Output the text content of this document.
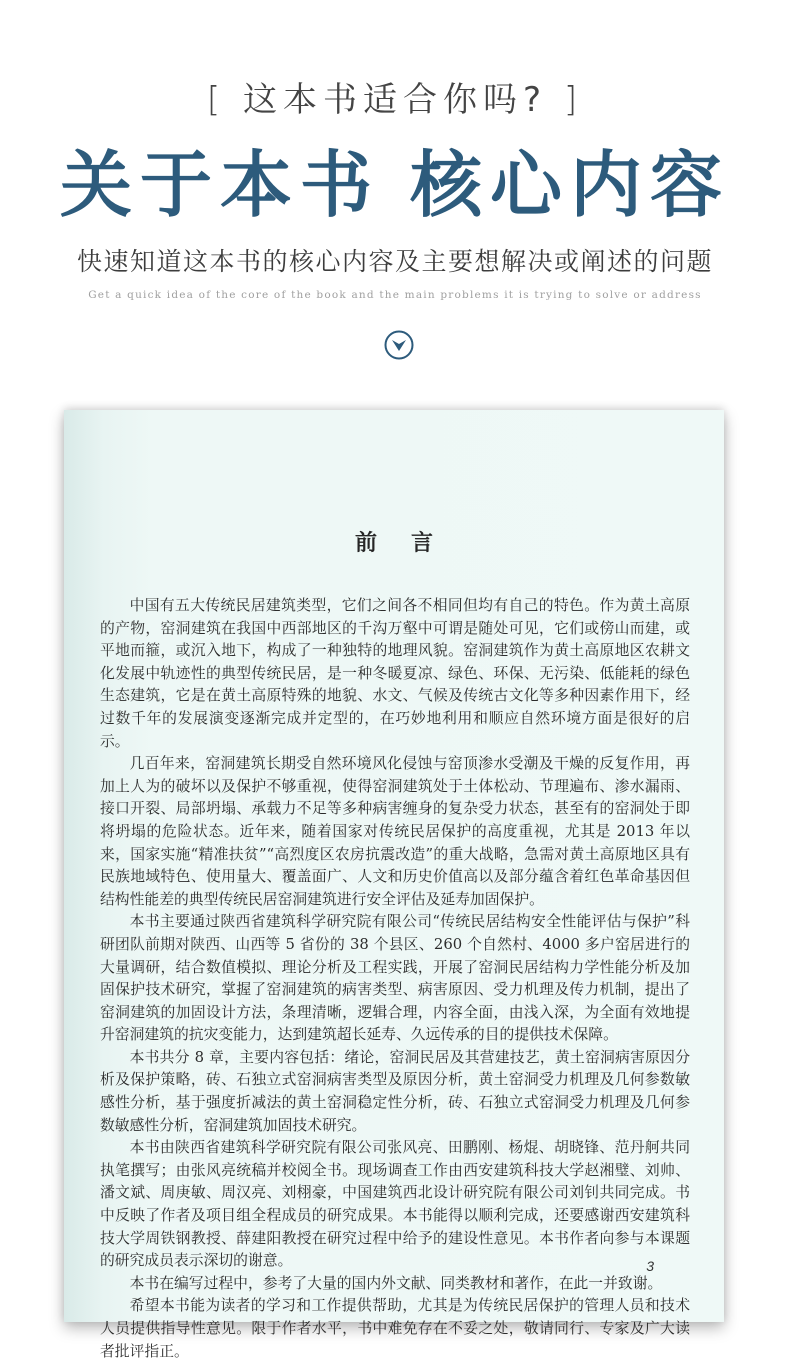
[ 这本书适合你吗? ]
关于本书 核心内容
快速知道这本书的核心内容及主要想解决或阐述的问题
Get a quick idea of the core of the book and the main problems it is trying to solve or address
前言

中国有五大传统民居建筑类型，它们之间各不相同但均有自己的特色。作为黄土高原的产物，窑洞建筑在我国中西部地区的千沟万壑中可谓是随处可见，它们或傍山而建，或平地而箍，或沉入地下，构成了一种独特的地理风貌。窑洞建筑作为黄土高原地区农耕文化发展中轨迹性的典型传统民居，是一种冬暖夏凉、绿色、环保、无污染、低能耗的绿色生态建筑，它是在黄土高原特殊的地貌、水文、气候及传统古文化等多种因素作用下，经过数千年的发展演变逐渐完成并定型的，在巧妙地利用和顺应自然环境方面是很好的启示。

几百年来，窑洞建筑长期受自然环境风化侵蚀与窑顶渗水受潮及干燥的反复作用，再加上人为的破坏以及保护不够重视，使得窑洞建筑处于土体松动、节理遍布、渗水漏雨、接口开裂、局部坍塌、承载力不足等多种病害缠身的复杂受力状态，甚至有的窑洞处于即将坍塌的危险状态。近年来，随着国家对传统民居保护的高度重视，尤其是 2013 年以来，国家实施“精准扶贫”“高烈度区农房抗震改造”的重大战略，急需对黄土高原地区具有民族地域特色、使用量大、覆盖面广、人文和历史价值高以及部分蕴含着红色革命基因但结构性能差的典型传统民居窑洞建筑进行安全评估及延寿加固保护。

本书主要通过陕西省建筑科学研究院有限公司“传统民居结构安全性能评估与保护”科研团队前期对陕西、山西等 5 省份的 38 个县区、260 个自然村、4000 多户窑居进行的大量调研，结合数值模拟、理论分析及工程实践，开展了窑洞民居结构力学性能分析及加固保护技术研究，掌握了窑洞建筑的病害类型、病害原因、受力机理及传力机制，提出了窑洞建筑的加固设计方法，条理清晰，逻辑合理，内容全面，由浅入深，为全面有效地提升窑洞建筑的抗灾变能力，达到建筑超长延寿、久远传承的目的提供技术保障。

本书共分 8 章，主要内容包括：绪论，窑洞民居及其营建技艺，黄土窑洞病害原因分析及保护策略，砖、石独立式窑洞病害类型及原因分析，黄土窑洞受力机理及几何参数敏感性分析，基于强度折减法的黄土窑洞稳定性分析，砖、石独立式窑洞受力机理及几何参数敏感性分析，窑洞建筑加固技术研究。

本书由陕西省建筑科学研究院有限公司张风亮、田鹏刚、杨焜、胡晓锋、范丹舸共同执笔撰写；由张风亮统稿并校阅全书。现场调查工作由西安建筑科技大学赵湘璧、刘帅、潘文斌、周庚敏、周汉亮、刘栩豪，中国建筑西北设计研究院有限公司刘钊共同完成。书中反映了作者及项目组全程成员的研究成果。本书能得以顺利完成，还要感谢西安建筑科技大学周铁钢教授、薛建阳教授在研究过程中给予的建设性意见。本书作者向参与本课题的研究成员表示深切的谢意。

本书在编写过程中，参考了大量的国内外文献、同类教材和著作，在此一并致谢。

希望本书能为读者的学习和工作提供帮助，尤其是为传统民居保护的管理人员和技术人员提供指导性意见。限于作者水平，书中难免存在不妥之处，敬请同行、专家及广大读者批评指正。

3
